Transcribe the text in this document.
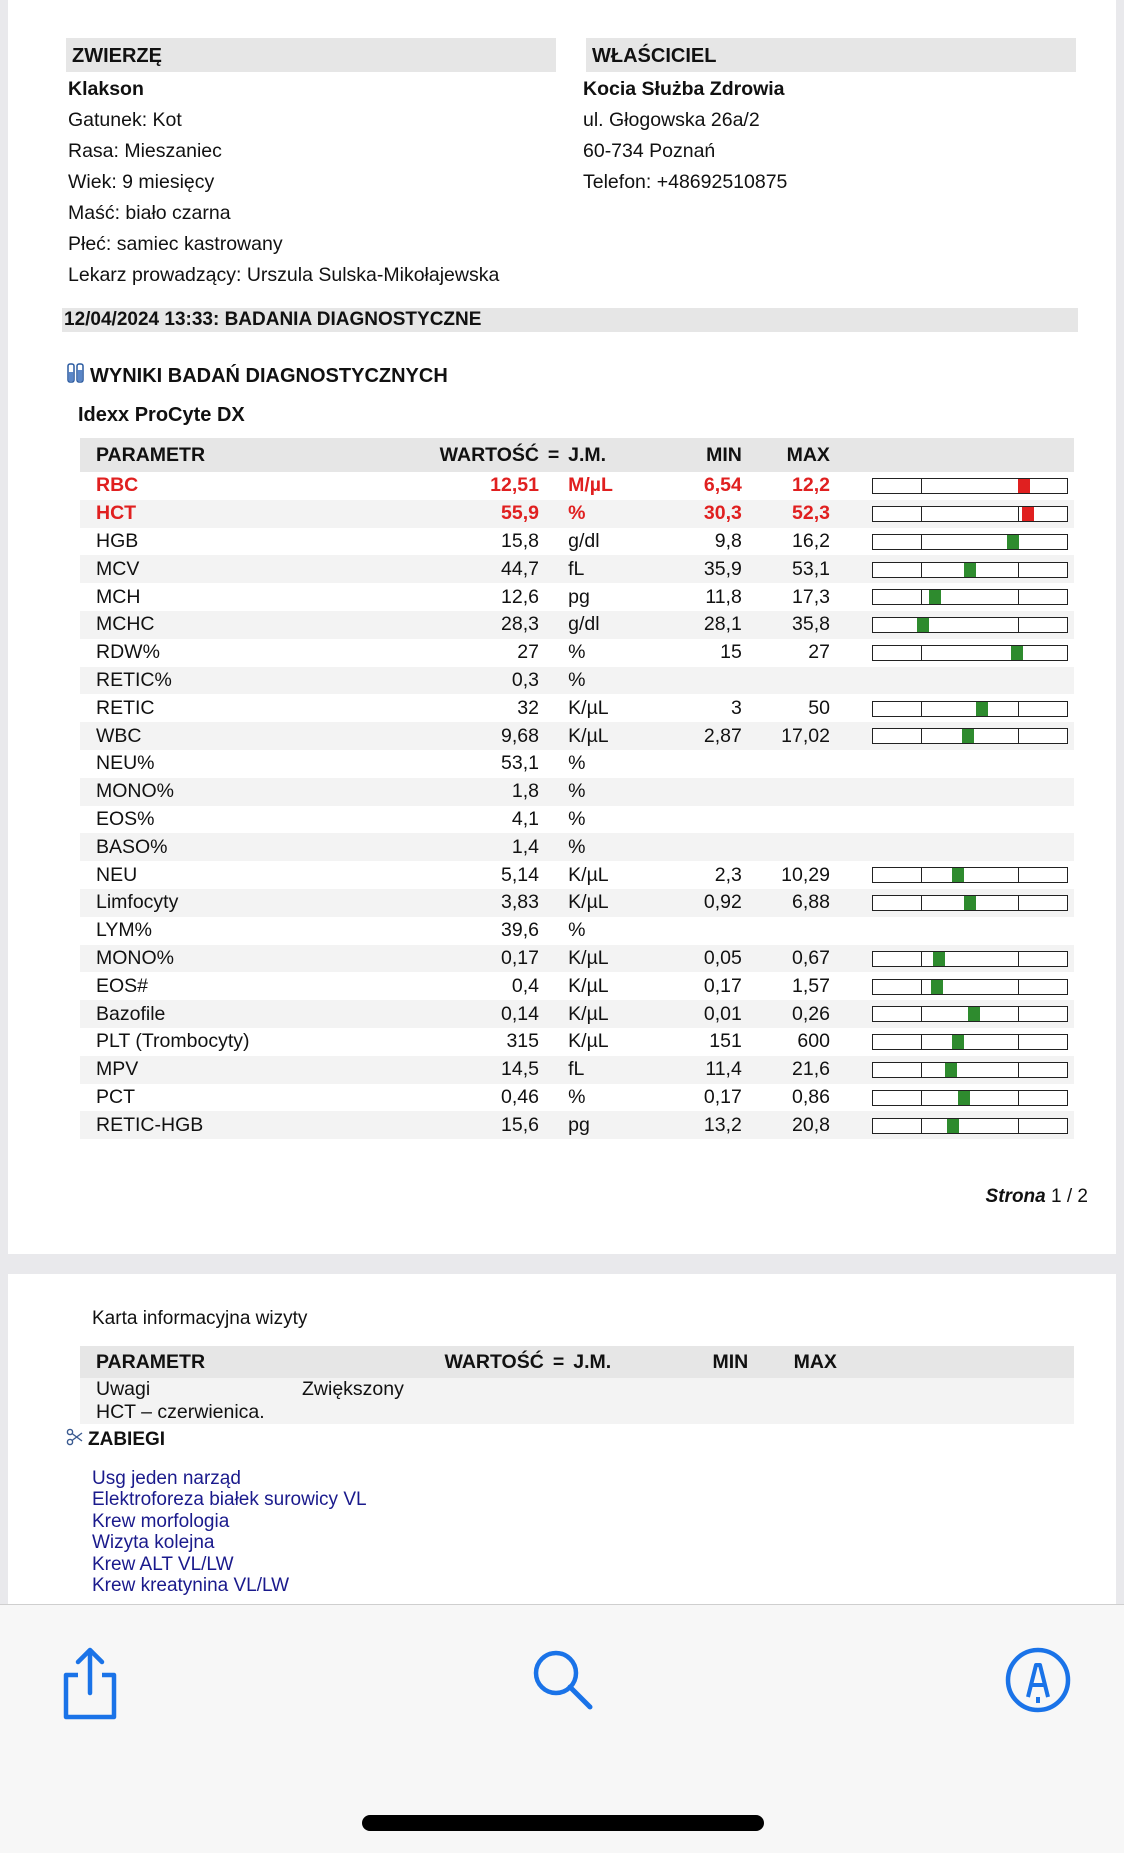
ZWIERZĘ	WŁAŚCICIEL
Klakson
Gatunek: Kot
Rasa: Mieszaniec
Wiek: 9 miesięcy
Maść: biało czarna
Płeć: samiec kastrowany
Lekarz prowadzący: Urszula Sulska-Mikołajewska
Kocia Służba Zdrowia
ul. Głogowska 26a/2
60-734 Poznań
Telefon: +48692510875
12/04/2024 13:33: BADANIA DIAGNOSTYCZNE
WYNIKI BADAŃ DIAGNOSTYCZNYCH
Idexx ProCyte DX
PARAMETR	WARTOŚĆ	=	J.M.	MIN	MAX	
RBC	12,51		M/µL	6,54	12,2	

HCT	55,9		%	30,3	52,3	

HGB	15,8		g/dl	9,8	16,2	

MCV	44,7		fL	35,9	53,1	

MCH	12,6		pg	11,8	17,3	

MCHC	28,3		g/dl	28,1	35,8	

RDW%	27		%	15	27	

RETIC%	0,3		%			
RETIC	32		K/µL	3	50	

WBC	9,68		K/µL	2,87	17,02	

NEU%	53,1		%			
MONO%	1,8		%			
EOS%	4,1		%			
BASO%	1,4		%			
NEU	5,14		K/µL	2,3	10,29	

Limfocyty	3,83		K/µL	0,92	6,88	

LYM%	39,6		%			
MONO%	0,17		K/µL	0,05	0,67	

EOS#	0,4		K/µL	0,17	1,57	

Bazofile	0,14		K/µL	0,01	0,26	

PLT (Trombocyty)	315		K/µL	151	600	

MPV	14,5		fL	11,4	21,6	

PCT	0,46		%	0,17	0,86	

RETIC-HGB	15,6		pg	13,2	20,8	
Strona 1 / 2
Karta informacyjna wizyty
PARAMETR	WARTOŚĆ	=	J.M.	MIN	MAX	
Uwagi Zwiększony HCT – czerwienica.						
ZABIEGI
Usg jeden narząd
Elektroforeza białek surowicy VL
Krew morfologia
Wizyta kolejna
Krew ALT VL/LW
Krew kreatynina VL/LW
